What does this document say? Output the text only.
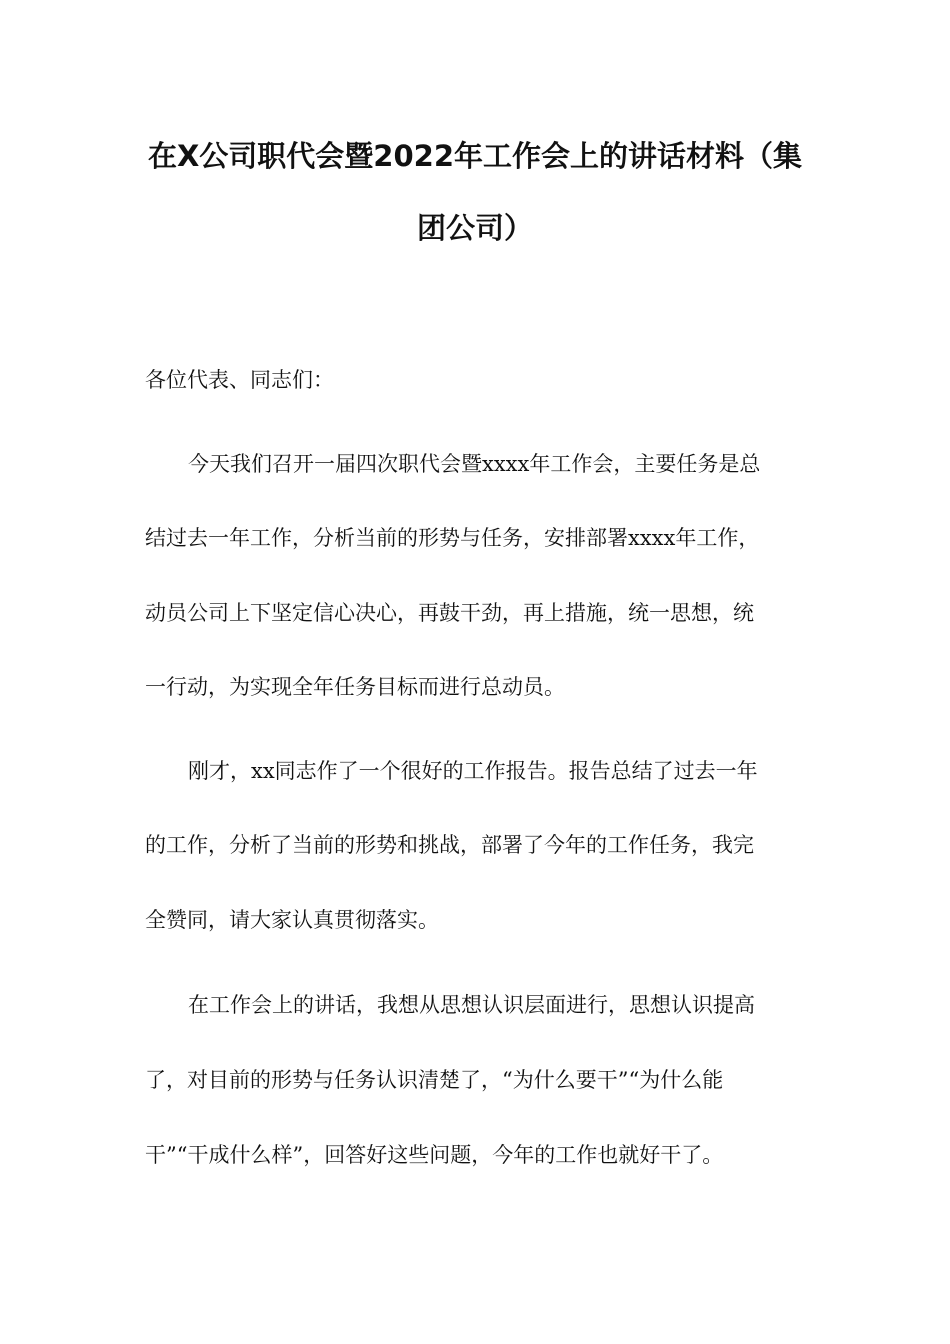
在X公司职代会暨2022年工作会上的讲话材料（集
团公司）

各位代表、同志们：

今天我们召开一届四次职代会暨xxxx年工作会，主要任务是总

结过去一年工作，分析当前的形势与任务，安排部署xxxx年工作，

动员公司上下坚定信心决心，再鼓干劲，再上措施，统一思想，统

一行动，为实现全年任务目标而进行总动员。

刚才，xx同志作了一个很好的工作报告。报告总结了过去一年

的工作，分析了当前的形势和挑战，部署了今年的工作任务，我完

全赞同，请大家认真贯彻落实。

在工作会上的讲话，我想从思想认识层面进行，思想认识提高

了，对目前的形势与任务认识清楚了，“为什么要干”“为什么能

干”“干成什么样”，回答好这些问题，今年的工作也就好干了。
